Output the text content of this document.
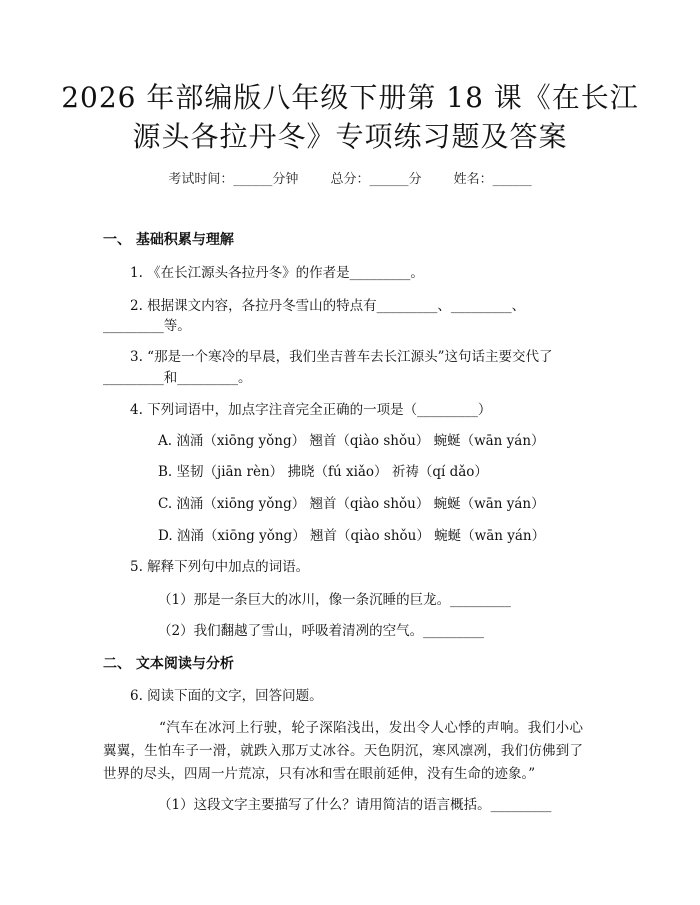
2026 年部编版八年级下册第 18 课《在长江
源头各拉丹冬》专项练习题及答案
考试时间：______分钟 总分：______分 姓名：______
一、 基础积累与理解
1. 《在长江源头各拉丹冬》的作者是_________。
2. 根据课文内容，各拉丹冬雪山的特点有_________、_________、
_________等。
3. “那是一个寒冷的早晨，我们坐吉普车去长江源头”这句话主要交代了
_________和_________。
4. 下列词语中，加点字注音完全正确的一项是（_________）
A. 汹涌（xiōng yǒng） 翘首（qiào shǒu） 蜿蜒（wān yán）
B. 坚韧（jiān rèn） 拂晓（fú xiǎo） 祈祷（qí dǎo）
C. 汹涌（xiōng yǒng） 翘首（qiào shǒu） 蜿蜒（wān yán）
D. 汹涌（xiōng yǒng） 翘首（qiào shǒu） 蜿蜒（wān yán）
5. 解释下列句中加点的词语。
（1）那是一条巨大的冰川，像一条沉睡的巨龙。_________
（2）我们翻越了雪山，呼吸着清冽的空气。_________
二、 文本阅读与分析
6. 阅读下面的文字，回答问题。
“汽车在冰河上行驶，轮子深陷浅出，发出令人心悸的声响。我们小心翼翼，生怕车子一滑，就跌入那万丈冰谷。天色阴沉，寒风凛冽，我们仿佛到了世界的尽头，四周一片荒凉，只有冰和雪在眼前延伸，没有生命的迹象。”
（1）这段文字主要描写了什么？请用简洁的语言概括。_________
